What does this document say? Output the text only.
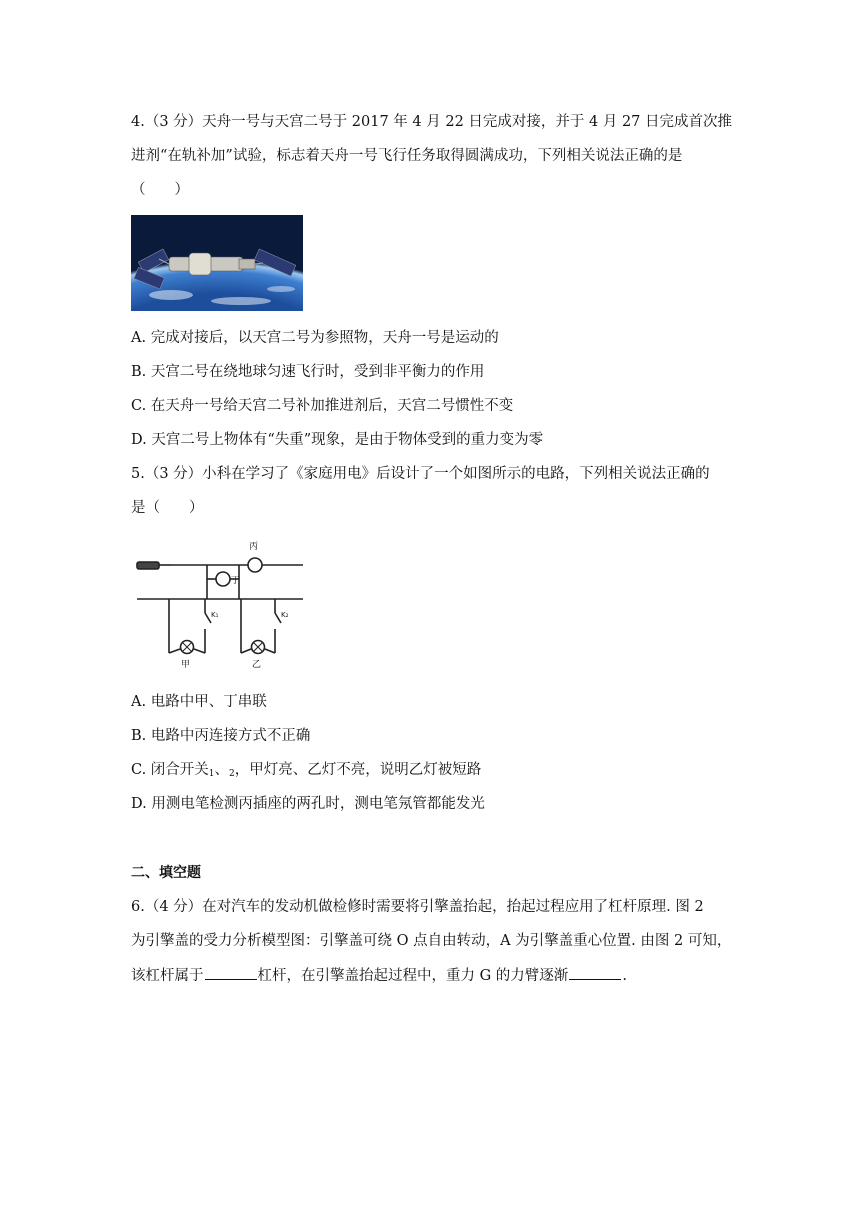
4.（3 分）天舟一号与天宫二号于 2017 年 4 月 22 日完成对接，并于 4 月 27 日完成首次推
进剂“在轨补加”试验，标志着天舟一号飞行任务取得圆满成功，下列相关说法正确的是
（　　）
A. 完成对接后，以天宫二号为参照物，天舟一号是运动的
B. 天宫二号在绕地球匀速飞行时，受到非平衡力的作用
C. 在天舟一号给天宫二号补加推进剂后，天宫二号惯性不变
D. 天宫二号上物体有“失重”现象，是由于物体受到的重力变为零
5.（3 分）小科在学习了《家庭用电》后设计了一个如图所示的电路，下列相关说法正确的
是（　　）
丙
丁
甲	乙
K₁	K₂
A. 电路中甲、丁串联
B. 电路中丙连接方式不正确
C. 闭合开关$_1$、$_2$，甲灯亮、乙灯不亮，说明乙灯被短路
D. 用测电笔检测丙插座的两孔时，测电笔氖管都能发光
二、填空题
6.（4 分）在对汽车的发动机做检修时需要将引擎盖抬起，抬起过程应用了杠杆原理. 图 2
为引擎盖的受力分析模型图：引擎盖可绕 O 点自由转动，A 为引擎盖重心位置. 由图 2 可知，
该杠杆属于	杠杆，在引擎盖抬起过程中，重力 G 的力臂逐渐	.
